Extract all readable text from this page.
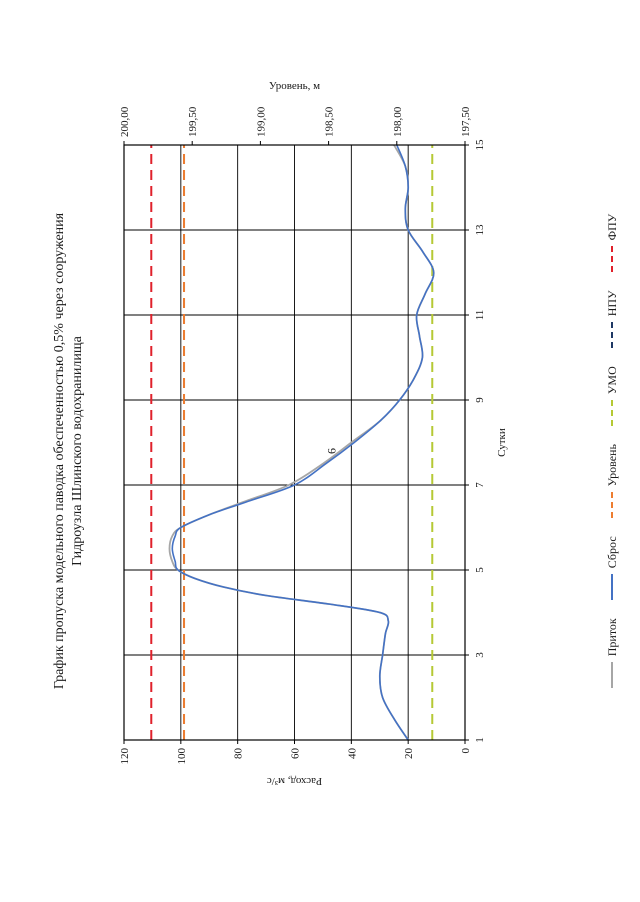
6
График пропуска модельного паводка обеспеченностью 0,5% через сооружения Гидроузла Шлинского водохранилища
0
20
40
60
80
100
120
1
3
5
7
9
11
13
15
197,50
198,00
198,50
199,00
199,50
200,00
Сутки
Расход, м³/с
Уровень, м
Приток
Сброс
Уровень
УМО
НПУ
ФПУ
